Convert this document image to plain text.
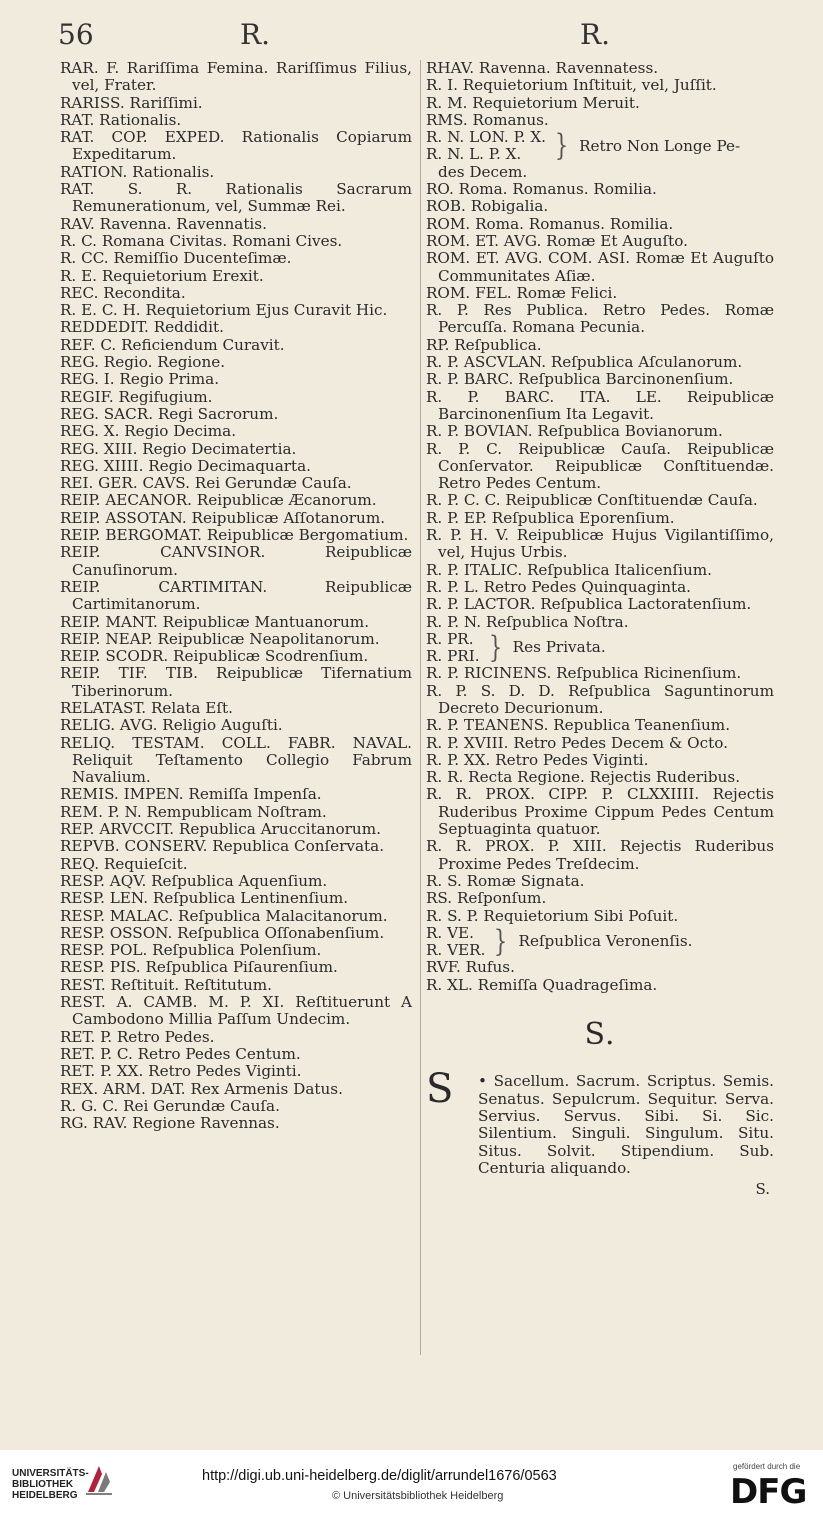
56	R.	R.

RAR. F. Rariſſima Femina. Rariſſimus Filius, vel, Frater.

RARISS. Rariſſimi.

RAT. Rationalis.

RAT. COP. EXPED. Rationalis Copiarum Expeditarum.

RATION. Rationalis.

RAT. S. R. Rationalis Sacrarum Remunerationum, vel, Summæ Rei.

RAV. Ravenna. Ravennatis.

R. C. Romana Civitas. Romani Cives.

R. CC. Remiſſio Ducenteſimæ.

R. E. Requietorium Erexit.

REC. Recondita.

R. E. C. H. Requietorium Ejus Curavit Hic.

REDDEDIT. Reddidit.

REF. C. Reficiendum Curavit.

REG. Regio. Regione.

REG. I. Regio Prima.

REGIF. Regifugium.

REG. SACR. Regi Sacrorum.

REG. X. Regio Decima.

REG. XIII. Regio Decimatertia.

REG. XIIII. Regio Decimaquarta.

REI. GER. CAVS. Rei Gerundæ Cauſa.

REIP. AECANOR. Reipublicæ Æcanorum.

REIP. ASSOTAN. Reipublicæ Aſſotanorum.

REIP. BERGOMAT. Reipublicæ Bergomatium.

REIP. CANVSINOR. Reipublicæ Canuſinorum.

REIP. CARTIMITAN. Reipublicæ Cartimitanorum.

REIP. MANT. Reipublicæ Mantuanorum.

REIP. NEAP. Reipublicæ Neapolitanorum.

REIP. SCODR. Reipublicæ Scodrenſium.

REIP. TIF. TIB. Reipublicæ Tifernatium Tiberinorum.

RELATAST. Relata Eſt.

RELIG. AVG. Religio Auguſti.

RELIQ. TESTAM. COLL. FABR. NAVAL. Reliquit Teſtamento Collegio Fabrum Navalium.

REMIS. IMPEN. Remiſſa Impenſa.

REM. P. N. Rempublicam Noſtram.

REP. ARVCCIT. Republica Aruccitanorum.

REPVB. CONSERV. Republica Conſervata.

REQ. Requieſcit.

RESP. AQV. Reſpublica Aquenſium.

RESP. LEN. Reſpublica Lentinenſium.

RESP. MALAC. Reſpublica Malacitanorum.

RESP. OSSON. Reſpublica Oſſonabenſium.

RESP. POL. Reſpublica Polenſium.

RESP. PIS. Reſpublica Piſaurenſium.

REST. Reſtituit. Reſtitutum.

REST. A. CAMB. M. P. XI. Reſtituerunt A Cambodono Millia Paſſum Undecim.

RET. P. Retro Pedes.

RET. P. C. Retro Pedes Centum.

RET. P. XX. Retro Pedes Viginti.

REX. ARM. DAT. Rex Armenis Datus.

R. G. C. Rei Gerundæ Cauſa.

RG. RAV. Regione Ravennas.

RHAV. Ravenna. Ravennatess.

R. I. Requietorium Inſtituit, vel, Juſſit.

R. M. Requietorium Meruit.

RMS. Romanus.

R. N. LON. P. X.
R. N. L. P. X.	} Retro Non Longe Pe-
des Decem.

RO. Roma. Romanus. Romilia.

ROB. Robigalia.

ROM. Roma. Romanus. Romilia.

ROM. ET. AVG. Romæ Et Auguſto.

ROM. ET. AVG. COM. ASI. Romæ Et Auguſto Communitates Aſiæ.

ROM. FEL. Romæ Felici.

R. P. Res Publica. Retro Pedes. Romæ Percuſſa. Romana Pecunia.

RP. Reſpublica.

R. P. ASCVLAN. Reſpublica Aſculanorum.

R. P. BARC. Reſpublica Barcinonenſium.

R. P. BARC. ITA. LE. Reipublicæ Barcinonenſium Ita Legavit.

R. P. BOVIAN. Reſpublica Bovianorum.

R. P. C. Reipublicæ Cauſa. Reipublicæ Conſervator. Reipublicæ Conſtituendæ. Retro Pedes Centum.

R. P. C. C. Reipublicæ Conſtituendæ Cauſa.

R. P. EP. Reſpublica Eporenſium.

R. P. H. V. Reipublicæ Hujus Vigilantiſſimo, vel, Hujus Urbis.

R. P. ITALIC. Reſpublica Italicenſium.

R. P. L. Retro Pedes Quinquaginta.

R. P. LACTOR. Reſpublica Lactoratenſium.

R. P. N. Reſpublica Noſtra.

R. PR.
R. PRI. } Res Privata.

R. P. RICINENS. Reſpublica Ricinenſium.

R. P. S. D. D. Reſpublica Saguntinorum Decreto Decurionum.

R. P. TEANENS. Republica Teanenſium.

R. P. XVIII. Retro Pedes Decem & Octo.

R. P. XX. Retro Pedes Viginti.

R. R. Recta Regione. Rejectis Ruderibus.

R. R. PROX. CIPP. P. CLXXIIII. Rejectis Ruderibus Proxime Cippum Pedes Centum Septuaginta quatuor.

R. R. PROX. P. XIII. Rejectis Ruderibus Proxime Pedes Treſdecim.

R. S. Romæ Signata.

RS. Reſponſum.

R. S. P. Requietorium Sibi Poſuit.

R. VE.
R. VER. } Reſpublica Veronenſis.

RVF. Rufus.

R. XL. Remiſſa Quadrageſima.

S.
S • Sacellum. Sacrum. Scriptus. Semis. Senatus. Sepulcrum. Sequitur. Serva. Servius. Servus. Sibi. Si. Sic. Silentium. Singuli. Singulum. Situ. Situs. Solvit. Stipendium. Sub. Centuria aliquando.
S.
UNIVERSITÄTS-
BIBLIOTHEK
HEIDELBERG
http://digi.ub.uni-heidelberg.de/diglit/arrundel1676/0563
© Universitätsbibliothek Heidelberg
gefördert durch die
DFG
